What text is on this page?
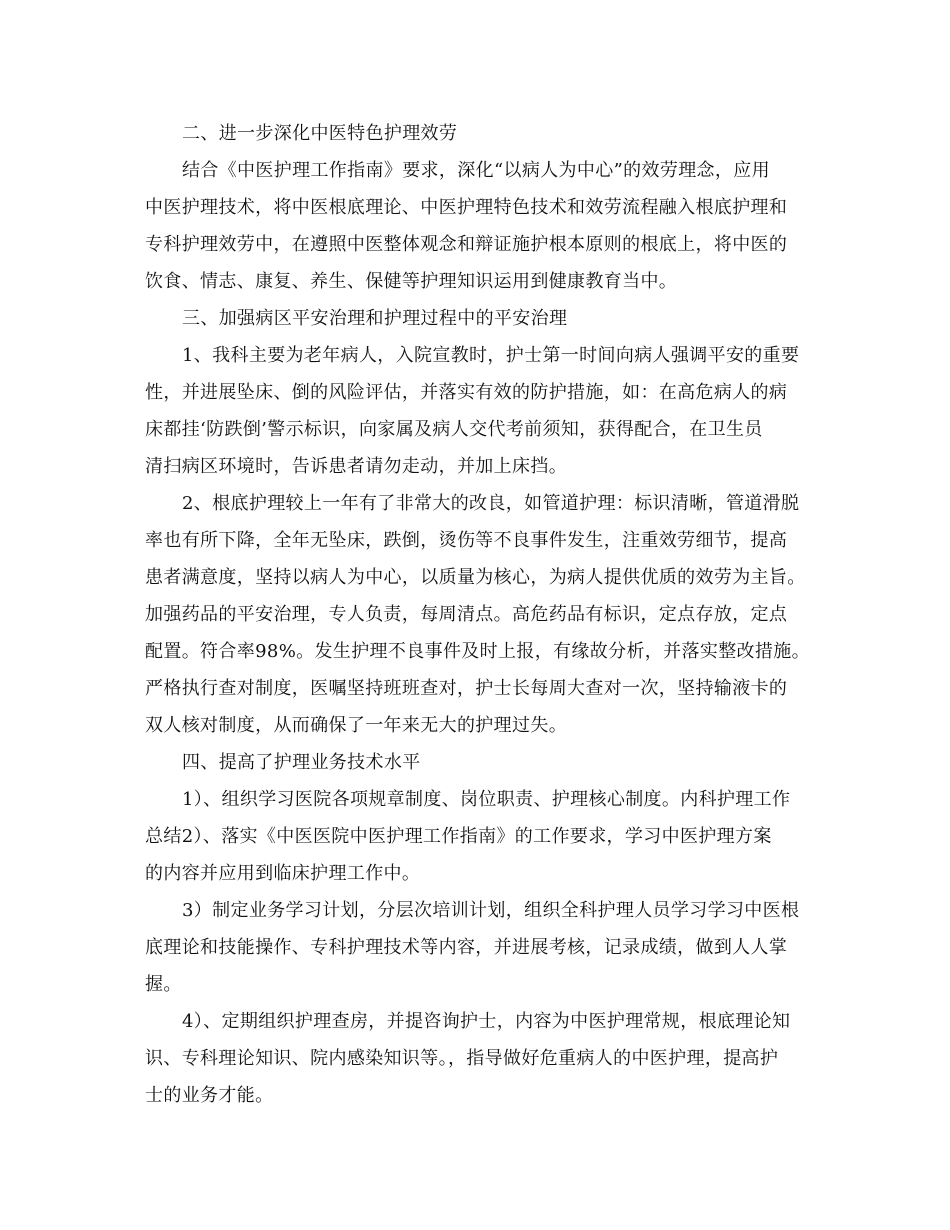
二、进一步深化中医特色护理效劳

结合《中医护理工作指南》要求，深化“以病人为中心”的效劳理念，应用
中医护理技术，将中医根底理论、中医护理特色技术和效劳流程融入根底护理和
专科护理效劳中，在遵照中医整体观念和辩证施护根本原则的根底上，将中医的
饮食、情志、康复、养生、保健等护理知识运用到健康教育当中。

三、加强病区平安治理和护理过程中的平安治理

1、我科主要为老年病人，入院宣教时，护士第一时间向病人强调平安的重要
性，并进展坠床、倒的风险评估，并落实有效的防护措施，如：在高危病人的病
床都挂‘防跌倒’警示标识，向家属及病人交代考前须知，获得配合，在卫生员
清扫病区环境时，告诉患者请勿走动，并加上床挡。

2、根底护理较上一年有了非常大的改良，如管道护理：标识清晰，管道滑脱
率也有所下降，全年无坠床，跌倒，烫伤等不良事件发生，注重效劳细节，提高
患者满意度，坚持以病人为中心，以质量为核心，为病人提供优质的效劳为主旨。
加强药品的平安治理，专人负责，每周清点。高危药品有标识，定点存放，定点
配置。符合率98%。发生护理不良事件及时上报，有缘故分析，并落实整改措施。
严格执行查对制度，医嘱坚持班班查对，护士长每周大查对一次，坚持输液卡的
双人核对制度，从而确保了一年来无大的护理过失。

四、提高了护理业务技术水平

1）、组织学习医院各项规章制度、岗位职责、护理核心制度。内科护理工作
总结2）、落实《中医医院中医护理工作指南》的工作要求，学习中医护理方案
的内容并应用到临床护理工作中。

3）制定业务学习计划，分层次培训计划，组织全科护理人员学习学习中医根
底理论和技能操作、专科护理技术等内容，并进展考核，记录成绩，做到人人掌
握。

4）、定期组织护理查房，并提咨询护士，内容为中医护理常规，根底理论知
识、专科理论知识、院内感染知识等。，指导做好危重病人的中医护理，提高护
士的业务才能。
